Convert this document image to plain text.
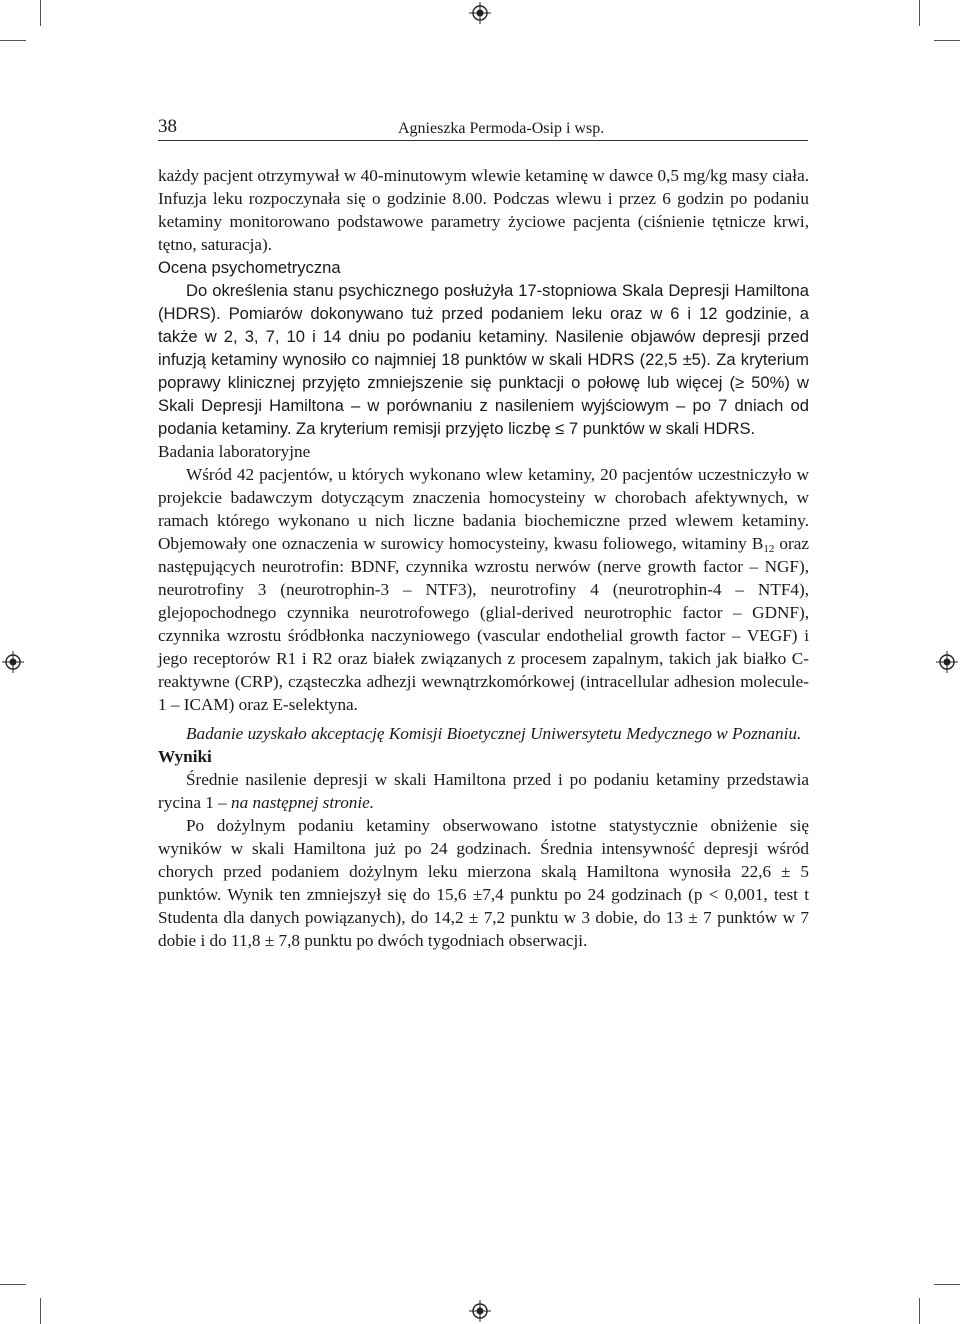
38	Agnieszka Permoda-Osip i wsp.

każdy pacjent otrzymywał w 40-minutowym wlewie ketaminę w dawce 0,5 mg/kg masy ciała. Infuzja leku rozpoczynała się o godzinie 8.00. Podczas wlewu i przez 6 godzin po podaniu ketaminy monitorowano podstawowe parametry życiowe pacjenta (ciśnienie tętnicze krwi, tętno, saturacja).

Ocena psychometryczna

Do określenia stanu psychicznego posłużyła 17-stopniowa Skala Depresji Hamiltona (HDRS). Pomiarów dokonywano tuż przed podaniem leku oraz w 6 i 12 godzinie, a także w 2, 3, 7, 10 i 14 dniu po podaniu ketaminy. Nasilenie objawów depresji przed infuzją ketaminy wynosiło co najmniej 18 punktów w skali HDRS (22,5 ±5). Za kryterium poprawy klinicznej przyjęto zmniejszenie się punktacji o połowę lub więcej (≥ 50%) w Skali Depresji Hamiltona – w porównaniu z nasileniem wyjściowym – po 7 dniach od podania ketaminy. Za kryterium remisji przyjęto liczbę ≤ 7 punktów w skali HDRS.

Badania laboratoryjne

Wśród 42 pacjentów, u których wykonano wlew ketaminy, 20 pacjentów uczestniczyło w projekcie badawczym dotyczącym znaczenia homocysteiny w chorobach afektywnych, w ramach którego wykonano u nich liczne badania biochemiczne przed wlewem ketaminy. Objemowały one oznaczenia w surowicy homocysteiny, kwasu foliowego, witaminy $B_{12}$ oraz następujących neurotrofin: BDNF, czynnika wzrostu nerwów (nerve growth factor – NGF), neurotrofiny 3 (neurotrophin-3 – NTF3), neurotrofiny 4 (neurotrophin-4 – NTF4), glejopochodnego czynnika neurotrofowego (glial-derived neurotrophic factor – GDNF), czynnika wzrostu śródbłonka naczyniowego (vascular endothelial growth factor – VEGF) i jego receptorów R1 i R2 oraz białek związanych z procesem zapalnym, takich jak białko C-reaktywne (CRP), cząsteczka adhezji wewnątrzkomórkowej (intracellular adhesion molecule-1 – ICAM) oraz E-selektyna.

Badanie uzyskało akceptację Komisji Bioetycznej Uniwersytetu Medycznego w Poznaniu.

Wyniki

Średnie nasilenie depresji w skali Hamiltona przed i po podaniu ketaminy przedstawia rycina 1 – na następnej stronie.

Po dożylnym podaniu ketaminy obserwowano istotne statystycznie obniżenie się wyników w skali Hamiltona już po 24 godzinach. Średnia intensywność depresji wśród chorych przed podaniem dożylnym leku mierzona skalą Hamiltona wynosiła 22,6 ± 5 punktów. Wynik ten zmniejszył się do 15,6 ±7,4 punktu po 24 godzinach (p < 0,001, test t Studenta dla danych powiązanych), do 14,2 ± 7,2 punktu w 3 dobie, do 13 ± 7 punktów w 7 dobie i do 11,8 ± 7,8 punktu po dwóch tygodniach obserwacji.
